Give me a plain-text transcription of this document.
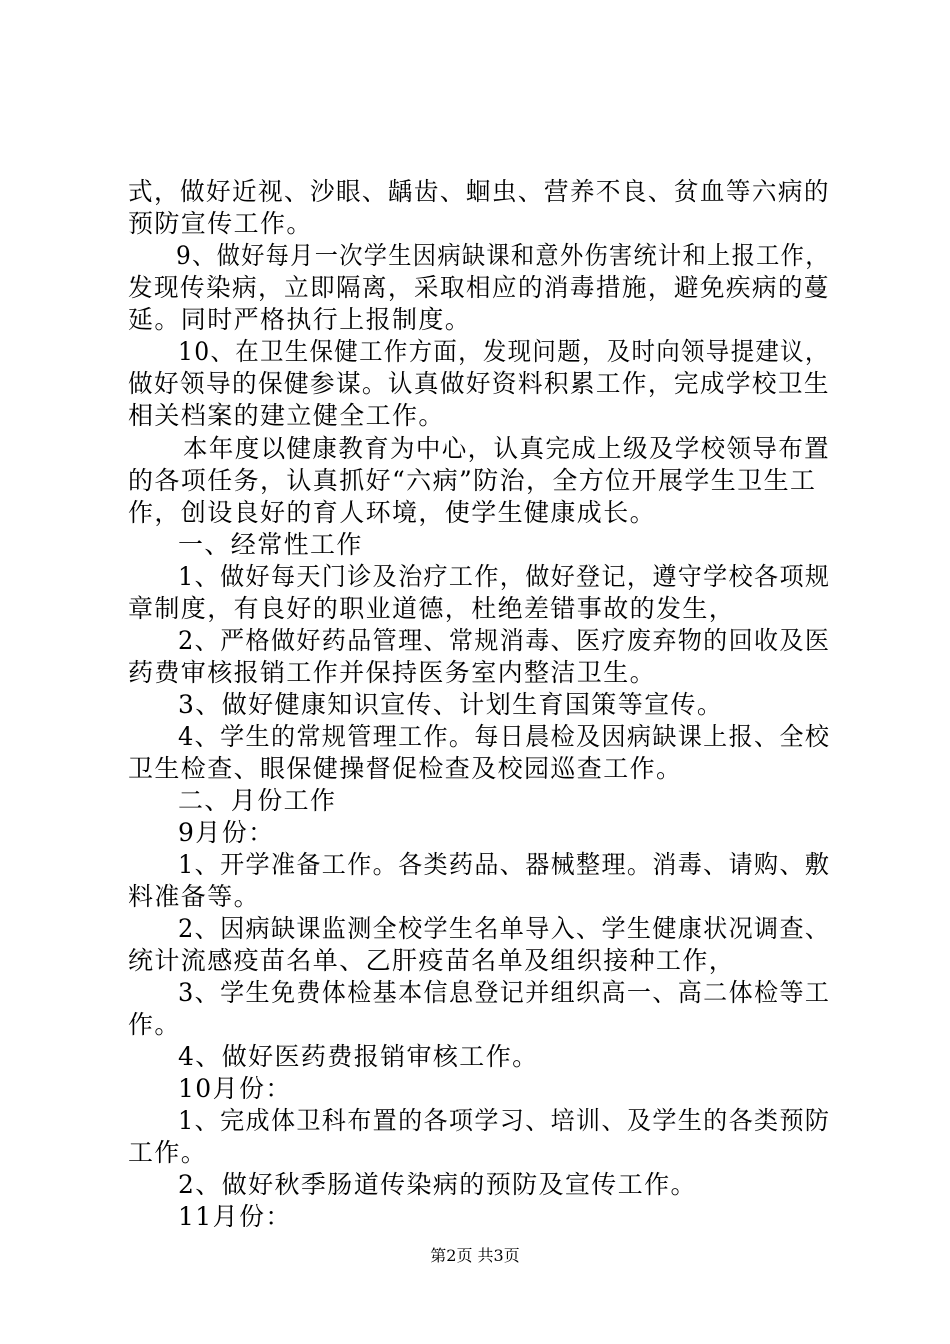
式，做好近视、沙眼、龋齿、蛔虫、营养不良、贫血等六病的
预防宣传工作。
9、做好每月一次学生因病缺课和意外伤害统计和上报工作，
发现传染病，立即隔离，采取相应的消毒措施，避免疾病的蔓
延。同时严格执行上报制度。
10、在卫生保健工作方面，发现问题，及时向领导提建议，
做好领导的保健参谋。认真做好资料积累工作，完成学校卫生
相关档案的建立健全工作。
本年度以健康教育为中心，认真完成上级及学校领导布置
的各项任务，认真抓好“六病”防治，全方位开展学生卫生工
作，创设良好的育人环境，使学生健康成长。
一、经常性工作
1、做好每天门诊及治疗工作，做好登记，遵守学校各项规
章制度，有良好的职业道德，杜绝差错事故的发生，
2、严格做好药品管理、常规消毒、医疗废弃物的回收及医
药费审核报销工作并保持医务室内整洁卫生。
3、做好健康知识宣传、计划生育国策等宣传。
4、学生的常规管理工作。每日晨检及因病缺课上报、全校
卫生检查、眼保健操督促检查及校园巡查工作。
二、月份工作
9月份：
1、开学准备工作。各类药品、器械整理。消毒、请购、敷
料准备等。
2、因病缺课监测全校学生名单导入、学生健康状况调查、
统计流感疫苗名单、乙肝疫苗名单及组织接种工作，
3、学生免费体检基本信息登记并组织高一、高二体检等工
作。
4、做好医药费报销审核工作。
10月份：
1、完成体卫科布置的各项学习、培训、及学生的各类预防
工作。
2、做好秋季肠道传染病的预防及宣传工作。
11月份：
第2页 共3页
